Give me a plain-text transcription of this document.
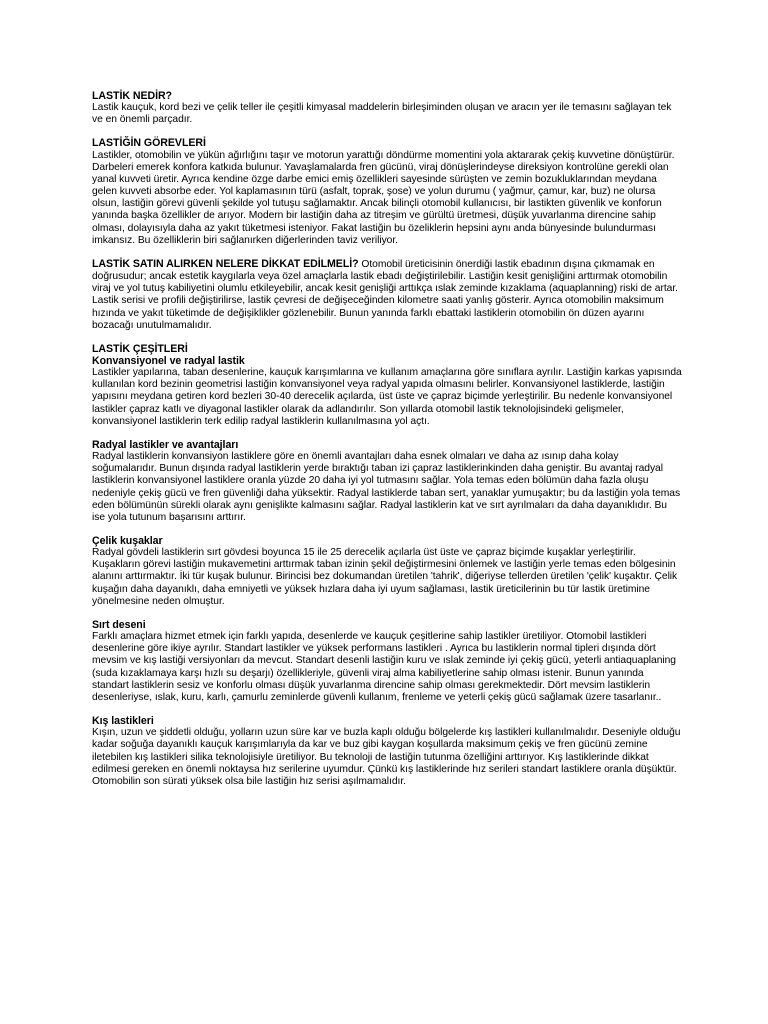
LASTİK NEDİR?

Lastik kauçuk, kord bezi ve çelik teller ile çeşitli kimyasal maddelerin birleşiminden oluşan ve aracın yer ile temasını sağlayan tek ve en önemli parçadır.

LASTİĞİN GÖREVLERİ

Lastikler, otomobilin ve yükün ağırlığını taşır ve motorun yarattığı döndürme momentini yola aktararak çekiş kuvvetine dönüştürür. Darbeleri emerek konfora katkıda bulunur. Yavaşlamalarda fren gücünü, viraj dönüşlerindeyse direksiyon kontrolüne gerekli olan yanal kuvveti üretir. Ayrıca kendine özge darbe emici emiş özellikleri sayesinde sürüşten ve zemin bozukluklarından meydana gelen kuvveti absorbe eder. Yol kaplamasının türü (asfalt, toprak, şose) ve yolun durumu ( yağmur, çamur, kar, buz) ne olursa olsun, lastiğin görevi güvenli şekilde yol tutuşu sağlamaktır. Ancak bilinçli otomobil kullanıcısı, bir lastikten güvenlik ve konforun yanında başka özellikler de arıyor. Modern bir lastiğin daha az titreşim ve gürültü üretmesi, düşük yuvarlanma direncine sahip olması, dolayısıyla daha az yakıt tüketmesi isteniyor. Fakat lastiğin bu özeliklerin hepsini aynı anda bünyesinde bulundurması imkansız. Bu özelliklerin biri sağlanırken diğerlerinden taviz veriliyor.

LASTİK SATIN ALIRKEN NELERE DİKKAT EDİLMELİ? Otomobil üreticisinin önerdiği lastik ebadının dışına çıkmamak en doğrusudur; ancak estetik kaygılarla veya özel amaçlarla lastik ebadı değiştirilebilir. Lastiğin kesit genişliğini arttırmak otomobilin viraj ve yol tutuş kabiliyetini olumlu etkileyebilir, ancak kesit genişliği arttıkça ıslak zeminde kızaklama (aquaplanning) riski de artar. Lastik serisi ve profili değiştirilirse, lastik çevresi de değişeceğinden kilometre saati yanlış gösterir. Ayrıca otomobilin maksimum hızında ve yakıt tüketimde de değişiklikler gözlenebilir. Bunun yanında farklı ebattaki lastiklerin otomobilin ön düzen ayarını bozacağı unutulmamalıdır.

LASTİK ÇEŞİTLERİ

Konvansiyonel ve radyal lastik

Lastikler yapılarına, taban desenlerine, kauçuk karışımlarına ve kullanım amaçlarına göre sınıflara ayrılır. Lastiğin karkas yapısında kullanılan kord bezinin geometrisi lastiğin konvansiyonel veya radyal yapıda olmasını belirler. Konvansiyonel lastiklerde, lastiğin yapısını meydana getiren kord bezleri 30-40 derecelik açılarda, üst üste ve çapraz biçimde yerleştirilir. Bu nedenle konvansiyonel lastikler çapraz katlı ve diyagonal lastikler olarak da adlandırılır. Son yıllarda otomobil lastik teknolojisindeki gelişmeler, konvansiyonel lastiklerin terk edilip radyal lastiklerin kullanılmasına yol açtı.

Radyal lastikler ve avantajları

Radyal lastiklerin konvansiyon lastiklere göre en önemli avantajları daha esnek olmaları ve daha az ısınıp daha kolay soğumalarıdır. Bunun dışında radyal lastiklerin yerde bıraktığı taban izi çapraz lastiklerinkinden daha geniştir. Bu avantaj radyal lastiklerin konvansiyonel lastiklere oranla yüzde 20 daha iyi yol tutmasını sağlar. Yola temas eden bölümün daha fazla oluşu nedeniyle çekiş gücü ve fren güvenliği daha yüksektir. Radyal lastiklerde taban sert, yanaklar yumuşaktır; bu da lastiğin yola temas eden bölümünün sürekli olarak aynı genişlikte kalmasını sağlar. Radyal lastiklerin kat ve sırt ayrılmaları da daha dayanıklıdır. Bu ise yola tutunum başarısını arttırır.

Çelik kuşaklar

Radyal gövdeli lastiklerin sırt gövdesi boyunca 15 ile 25 derecelik açılarla üst üste ve çapraz biçimde kuşaklar yerleştirilir. Kuşakların görevi lastiğin mukavemetini arttırmak taban izinin şekil değiştirmesini önlemek ve lastiğin yerle temas eden bölgesinin alanını arttırmaktır. İki tür kuşak bulunur. Birincisi bez dokumandan üretilen 'tahrik', diğeriyse tellerden üretilen 'çelik' kuşaktır. Çelik kuşağın daha dayanıklı, daha emniyetli ve yüksek hızlara daha iyi uyum sağlaması, lastik üreticilerinin bu tür lastik üretimine yönelmesine neden olmuştur.

Sırt deseni

Farklı amaçlara hizmet etmek için farklı yapıda, desenlerde ve kauçuk çeşitlerine sahip lastikler üretiliyor. Otomobil lastikleri desenlerine göre ikiye ayrılır. Standart lastikler ve yüksek performans lastikleri . Ayrıca bu lastiklerin normal tipleri dışında dört mevsim ve kış lastiği versiyonları da mevcut. Standart desenli lastiğin kuru ve ıslak zeminde iyi çekiş gücü, yeterli antiaquaplaning (suda kızaklamaya karşı hızlı su deşarjı) özellikleriyle, güvenli viraj alma kabiliyetlerine sahip olması istenir. Bunun yanında standart lastiklerin sesiz ve konforlu olması düşük yuvarlanma direncine sahip olması gerekmektedir. Dört mevsim lastiklerin desenleriyse, ıslak, kuru, karlı, çamurlu zeminlerde güvenli kullanım, frenleme ve yeterli çekiş gücü sağlamak üzere tasarlanır..

Kış lastikleri

Kışın, uzun ve şiddetli olduğu, yolların uzun süre kar ve buzla kaplı olduğu bölgelerde kış lastikleri kullanılmalıdır. Deseniyle olduğu kadar soğuğa dayanıklı kauçuk karışımlarıyla da kar ve buz gibi kaygan koşullarda maksimum çekiş ve fren gücünü zemine iletebilen kış lastikleri silika teknolojisiyle üretiliyor. Bu teknoloji de lastiğin tutunma özelliğini arttırıyor. Kış lastiklerinde dikkat edilmesi gereken en önemli noktaysa hız serilerine uyumdur. Çünkü kış lastiklerinde hız serileri standart lastiklere oranla düşüktür. Otomobilin son sürati yüksek olsa bile lastiğin hız serisi aşılmamalıdır.
